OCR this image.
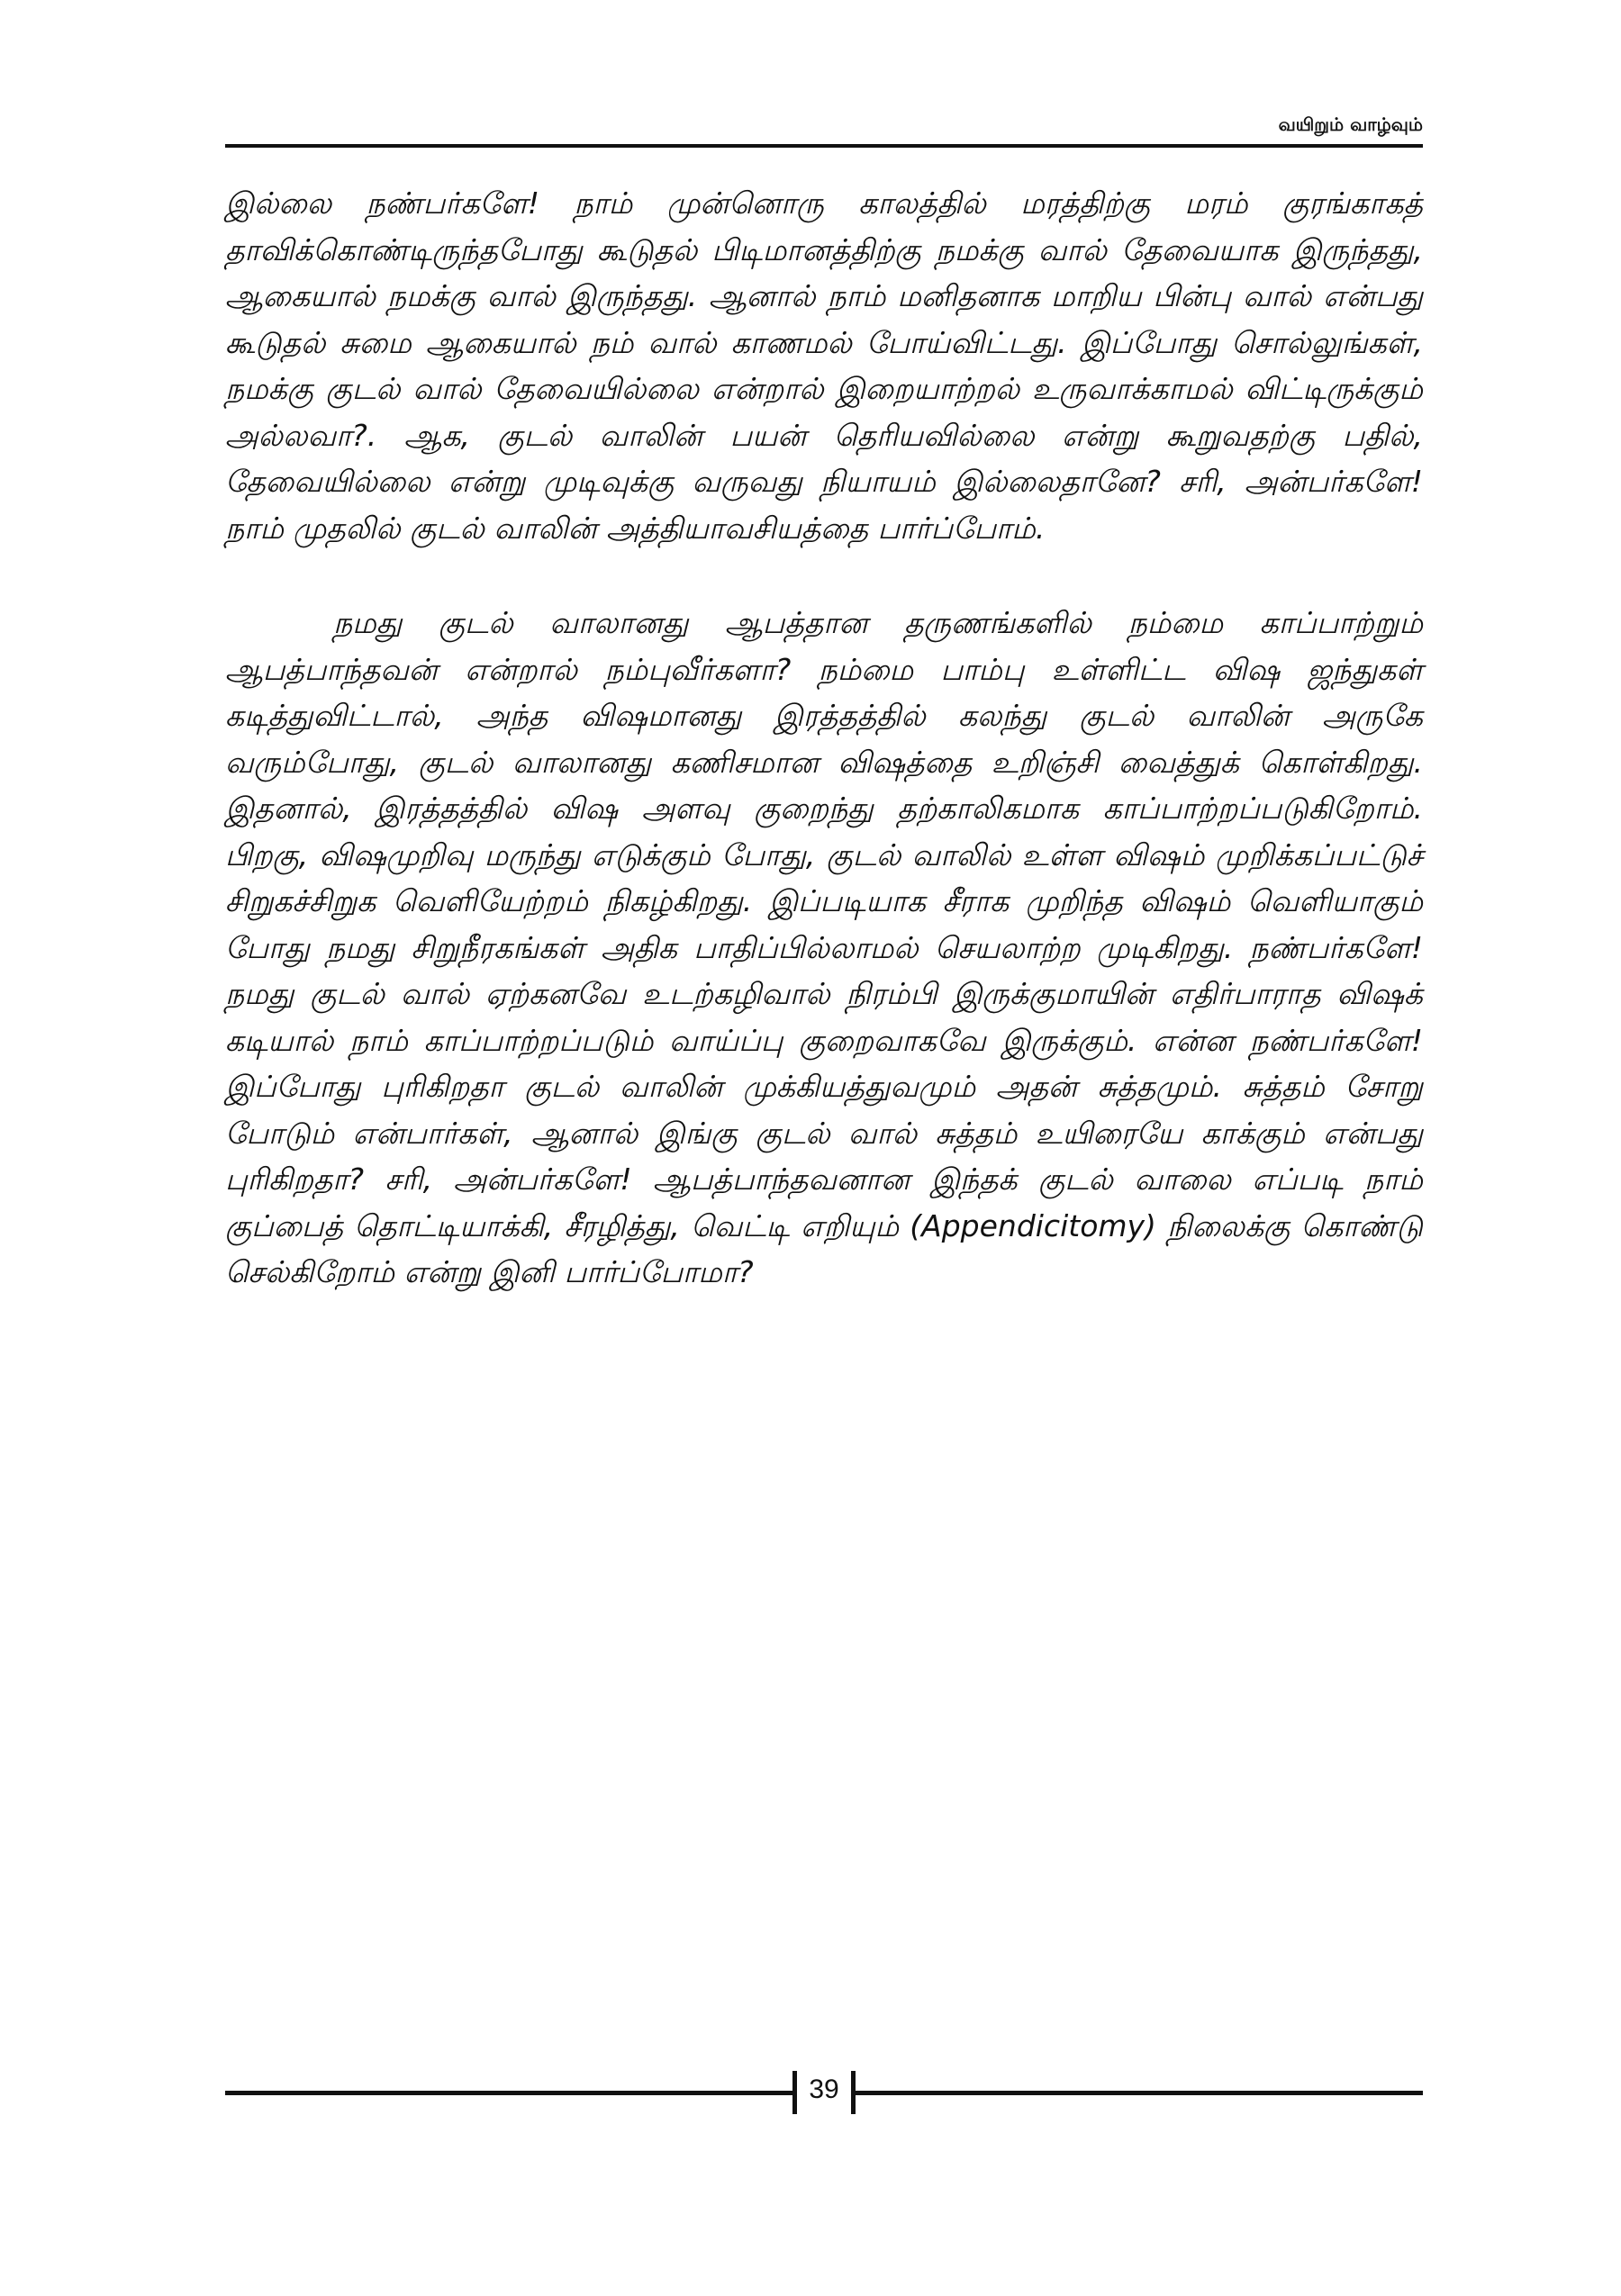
வயிறும் வாழ்வும்

இல்லை நண்பர்களே! நாம் முன்னொரு காலத்தில் மரத்திற்கு மரம் குரங்காகத் தாவிக்கொண்டிருந்தபோது கூடுதல் பிடிமானத்திற்கு நமக்கு வால் தேவையாக இருந்தது, ஆகையால் நமக்கு வால் இருந்தது. ஆனால் நாம் மனிதனாக மாறிய பின்பு வால் என்பது கூடுதல் சுமை ஆகையால் நம் வால் காணமல் போய்விட்டது. இப்போது சொல்லுங்கள், நமக்கு குடல் வால் தேவையில்லை என்றால் இறையாற்றல் உருவாக்காமல் விட்டிருக்கும் அல்லவா?. ஆக, குடல் வாலின் பயன் தெரியவில்லை என்று கூறுவதற்கு பதில், தேவையில்லை என்று முடிவுக்கு வருவது நியாயம் இல்லைதானே? சரி, அன்பர்களே! நாம் முதலில் குடல் வாலின் அத்தியாவசியத்தை பார்ப்போம்.

நமது குடல் வாலானது ஆபத்தான தருணங்களில் நம்மை காப்பாற்றும் ஆபத்பாந்தவன் என்றால் நம்புவீர்களா? நம்மை பாம்பு உள்ளிட்ட விஷ ஜந்துகள் கடித்துவிட்டால், அந்த விஷமானது இரத்தத்தில் கலந்து குடல் வாலின் அருகே வரும்போது, குடல் வாலானது கணிசமான விஷத்தை உறிஞ்சி வைத்துக் கொள்கிறது. இதனால், இரத்தத்தில் விஷ அளவு குறைந்து தற்காலிகமாக காப்பாற்றப்படுகிறோம். பிறகு, விஷமுறிவு மருந்து எடுக்கும் போது, குடல் வாலில் உள்ள விஷம் முறிக்கப்பட்டுச் சிறுகச்சிறுக வெளியேற்றம் நிகழ்கிறது. இப்படியாக சீராக முறிந்த விஷம் வெளியாகும் போது நமது சிறுநீரகங்கள் அதிக பாதிப்பில்லாமல் செயலாற்ற முடிகிறது. நண்பர்களே! நமது குடல் வால் ஏற்கனவே உடற்கழிவால் நிரம்பி இருக்குமாயின் எதிர்பாராத விஷக் கடியால் நாம் காப்பாற்றப்படும் வாய்ப்பு குறைவாகவே இருக்கும். என்ன நண்பர்களே! இப்போது புரிகிறதா குடல் வாலின் முக்கியத்துவமும் அதன் சுத்தமும். சுத்தம் சோறு போடும் என்பார்கள், ஆனால் இங்கு குடல் வால் சுத்தம் உயிரையே காக்கும் என்பது புரிகிறதா? சரி, அன்பர்களே! ஆபத்பாந்தவனான இந்தக் குடல் வாலை எப்படி நாம் குப்பைத் தொட்டியாக்கி, சீரழித்து, வெட்டி எறியும் (Appendicitomy) நிலைக்கு கொண்டு செல்கிறோம் என்று இனி பார்ப்போமா?

39
